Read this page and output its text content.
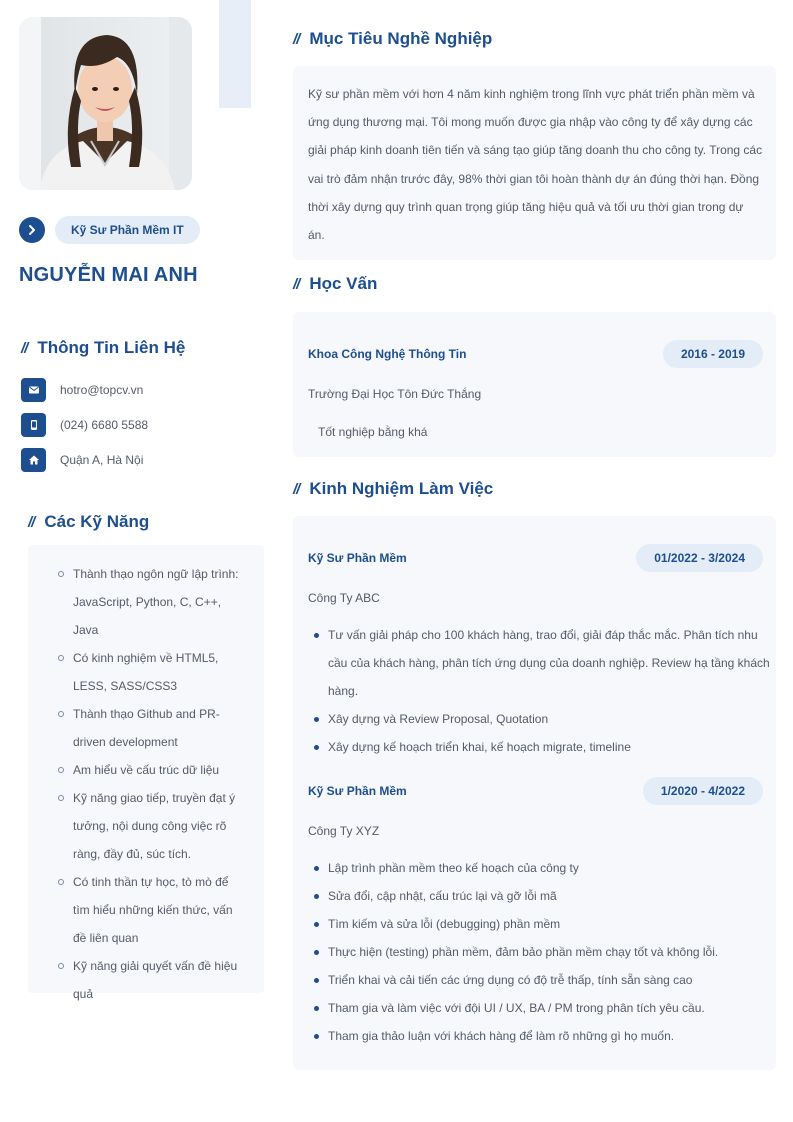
Kỹ Sư Phần Mềm IT
NGUYỄN MAI ANH
// Thông Tin Liên Hệ
hotro@topcv.vn
(024) 6680 5588
Quận A, Hà Nội
// Các Kỹ Năng
Thành thạo ngôn ngữ lập trình: JavaScript, Python, C, C++, Java
Có kinh nghiệm về HTML5, LESS, SASS/CSS3
Thành thạo Github and PR-driven development
Am hiểu về cấu trúc dữ liệu
Kỹ năng giao tiếp, truyền đạt ý tưởng, nội dung công việc rõ ràng, đầy đủ, súc tích.
Có tinh thần tự học, tò mò để tìm hiểu những kiến thức, vấn đề liên quan
Kỹ năng giải quyết vấn đề hiệu quả
// Mục Tiêu Nghề Nghiệp
Kỹ sư phần mềm với hơn 4 năm kinh nghiệm trong lĩnh vực phát triển phần mềm và ứng dụng thương mại. Tôi mong muốn được gia nhập vào công ty để xây dựng các giải pháp kinh doanh tiên tiến và sáng tạo giúp tăng doanh thu cho công ty. Trong các vai trò đảm nhận trước đây, 98% thời gian tôi hoàn thành dự án đúng thời hạn. Đồng thời xây dựng quy trình quan trọng giúp tăng hiệu quả và tối ưu thời gian trong dự án.
// Học Vấn
Khoa Công Nghệ Thông Tin	2016 - 2019
Trường Đại Học Tôn Đức Thắng
Tốt nghiệp bằng khá
// Kinh Nghiệm Làm Việc
Kỹ Sư Phần Mềm	01/2022 - 3/2024
Công Ty ABC
Tư vấn giải pháp cho 100 khách hàng, trao đổi, giải đáp thắc mắc. Phân tích nhu cầu của khách hàng, phân tích ứng dụng của doanh nghiệp. Review hạ tầng khách hàng.
Xây dựng và Review Proposal, Quotation
Xây dựng kế hoạch triển khai, kế hoạch migrate, timeline
Kỹ Sư Phần Mềm	1/2020 - 4/2022
Công Ty XYZ
Lập trình phần mềm theo kế hoạch của công ty
Sửa đổi, cập nhật, cấu trúc lại và gỡ lỗi mã
Tìm kiếm và sửa lỗi (debugging) phần mềm
Thực hiện (testing) phần mềm, đảm bảo phần mềm chạy tốt và không lỗi.
Triển khai và cải tiến các ứng dụng có độ trễ thấp, tính sẵn sàng cao
Tham gia và làm việc với đội UI / UX, BA / PM trong phân tích yêu cầu.
Tham gia thảo luận với khách hàng để làm rõ những gì họ muốn.
